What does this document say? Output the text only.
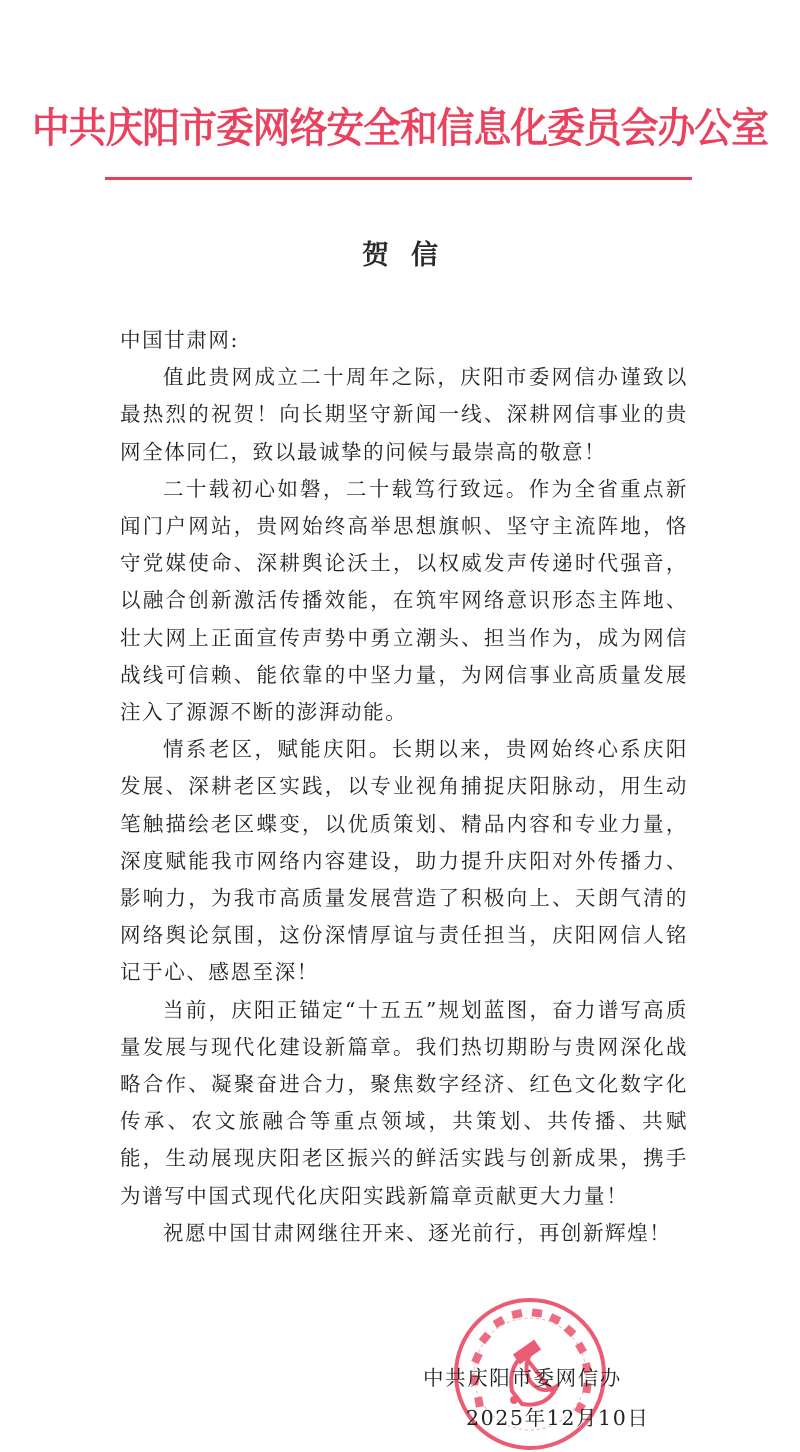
中共庆阳市委网络安全和信息化委员会办公室
贺信

中国甘肃网:

值此贵网成立二十周年之际，庆阳市委网信办谨致以最热烈的祝贺！向长期坚守新闻一线、深耕网信事业的贵网全体同仁，致以最诚挚的问候与最崇高的敬意！

二十载初心如磐，二十载笃行致远。作为全省重点新闻门户网站，贵网始终高举思想旗帜、坚守主流阵地，恪守党媒使命、深耕舆论沃土，以权威发声传递时代强音，以融合创新激活传播效能，在筑牢网络意识形态主阵地、壮大网上正面宣传声势中勇立潮头、担当作为，成为网信战线可信赖、能依靠的中坚力量，为网信事业高质量发展注入了源源不断的澎湃动能。

情系老区，赋能庆阳。长期以来，贵网始终心系庆阳发展、深耕老区实践，以专业视角捕捉庆阳脉动，用生动笔触描绘老区蝶变，以优质策划、精品内容和专业力量，深度赋能我市网络内容建设，助力提升庆阳对外传播力、影响力，为我市高质量发展营造了积极向上、天朗气清的网络舆论氛围，这份深情厚谊与责任担当，庆阳网信人铭记于心、感恩至深！

当前，庆阳正锚定“十五五”规划蓝图，奋力谱写高质量发展与现代化建设新篇章。我们热切期盼与贵网深化战略合作、凝聚奋进合力，聚焦数字经济、红色文化数字化传承、农文旅融合等重点领域，共策划、共传播、共赋能，生动展现庆阳老区振兴的鲜活实践与创新成果，携手为谱写中国式现代化庆阳实践新篇章贡献更大力量！

祝愿中国甘肃网继往开来、逐光前行，再创新辉煌！

中共庆阳市委网信办
2025年12月10日
